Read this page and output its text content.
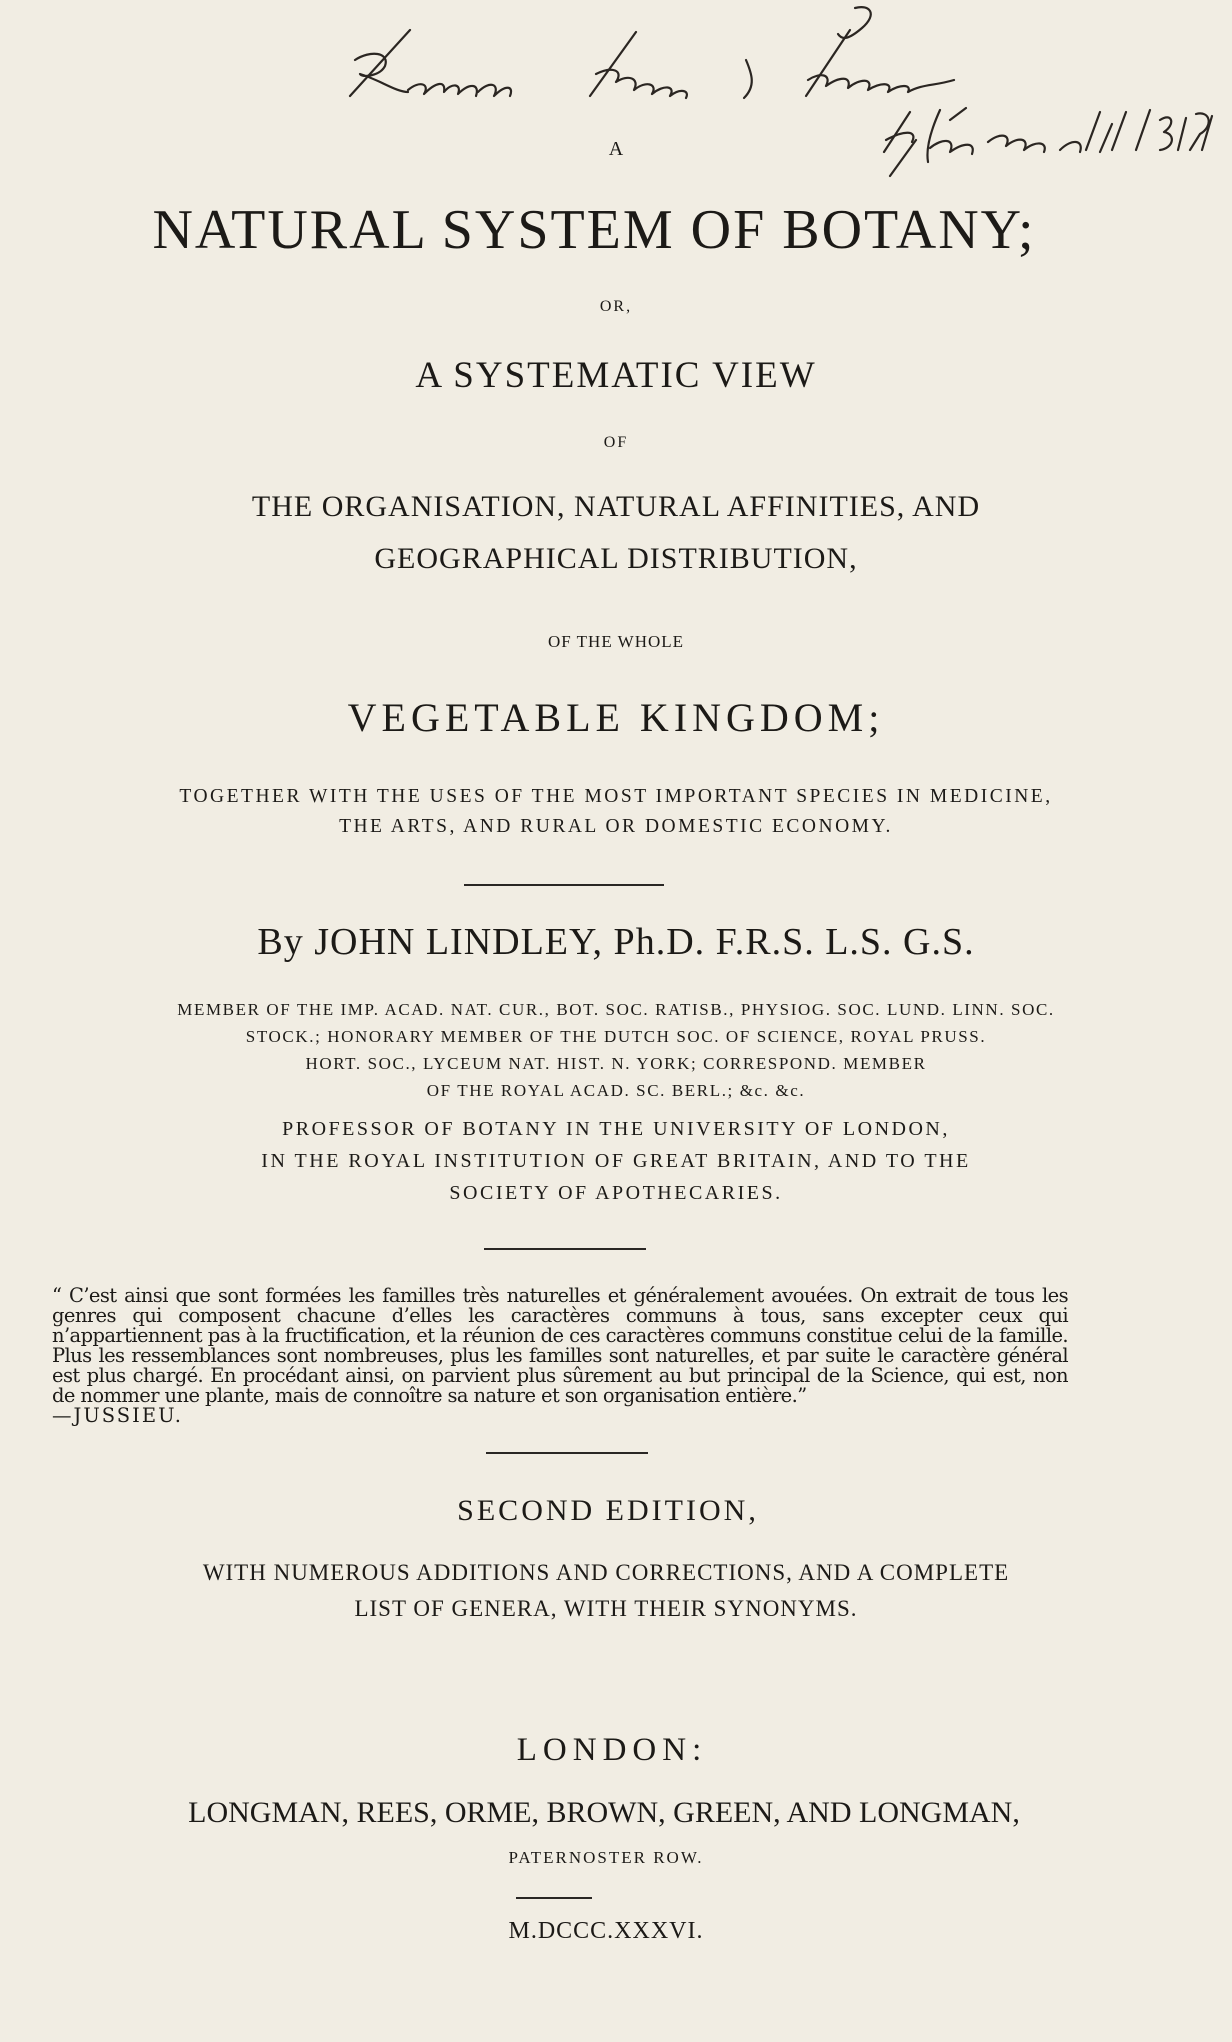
A

NATURAL SYSTEM OF BOTANY;

OR,

A SYSTEMATIC VIEW

OF

THE ORGANISATION, NATURAL AFFINITIES, AND

GEOGRAPHICAL DISTRIBUTION,

OF THE WHOLE

VEGETABLE KINGDOM;

TOGETHER WITH THE USES OF THE MOST IMPORTANT SPECIES IN MEDICINE,

THE ARTS, AND RURAL OR DOMESTIC ECONOMY.

By JOHN LINDLEY, Ph.D. F.R.S. L.S. G.S.

MEMBER OF THE IMP. ACAD. NAT. CUR., BOT. SOC. RATISB., PHYSIOG. SOC. LUND. LINN. SOC.

STOCK.; HONORARY MEMBER OF THE DUTCH SOC. OF SCIENCE, ROYAL PRUSS.

HORT. SOC., LYCEUM NAT. HIST. N. YORK; CORRESPOND. MEMBER

OF THE ROYAL ACAD. SC. BERL.; &c. &c.

PROFESSOR OF BOTANY IN THE UNIVERSITY OF LONDON,

IN THE ROYAL INSTITUTION OF GREAT BRITAIN, AND TO THE

SOCIETY OF APOTHECARIES.

“ C’est ainsi que sont formées les familles très naturelles et généralement avouées. On extrait de tous les genres qui composent chacune d’elles les caractères communs à tous, sans excepter ceux qui n’appartiennent pas à la fructification, et la réunion de ces caractères communs constitue celui de la famille. Plus les ressemblances sont nombreuses, plus les familles sont naturelles, et par suite le caractère général est plus chargé. En procédant ainsi, on parvient plus sûrement au but principal de la Science, qui est, non de nommer une plante, mais de connoître sa nature et son organisation entière.”

—JUSSIEU.

SECOND EDITION,

WITH NUMEROUS ADDITIONS AND CORRECTIONS, AND A COMPLETE

LIST OF GENERA, WITH THEIR SYNONYMS.

LONDON:

LONGMAN, REES, ORME, BROWN, GREEN, AND LONGMAN,

PATERNOSTER ROW.

M.DCCC.XXXVI.
